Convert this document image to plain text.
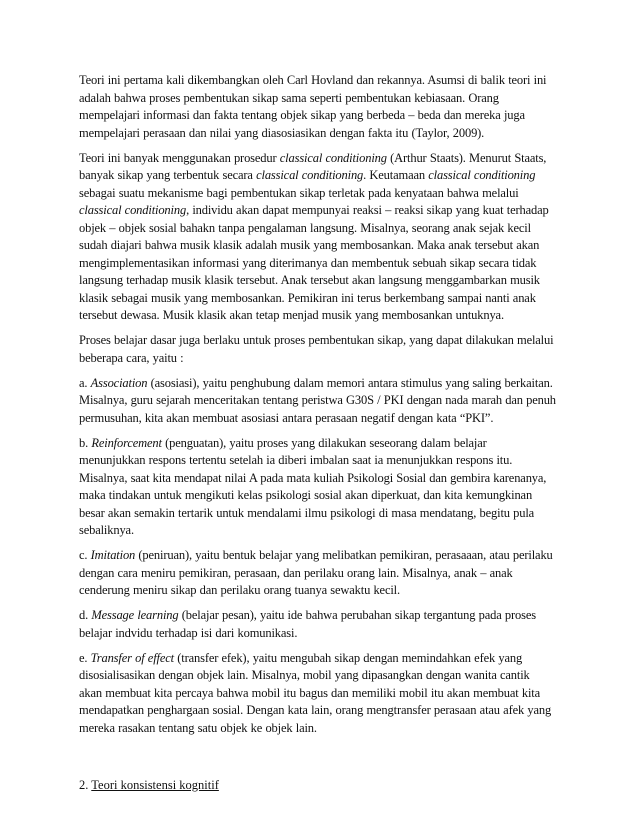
Teori ini pertama kali dikembangkan oleh Carl Hovland dan rekannya. Asumsi di balik teori ini
adalah bahwa proses pembentukan sikap sama seperti pembentukan kebiasaan. Orang
mempelajari informasi dan fakta tentang objek sikap yang berbeda – beda dan mereka juga
mempelajari perasaan dan nilai yang diasosiasikan dengan fakta itu (Taylor, 2009).

Teori ini banyak menggunakan prosedur classical conditioning (Arthur Staats). Menurut Staats,
banyak sikap yang terbentuk secara classical conditioning. Keutamaan classical conditioning
sebagai suatu mekanisme bagi pembentukan sikap terletak pada kenyataan bahwa melalui
classical conditioning, individu akan dapat mempunyai reaksi – reaksi sikap yang kuat terhadap
objek – objek sosial bahakn tanpa pengalaman langsung. Misalnya, seorang anak sejak kecil
sudah diajari bahwa musik klasik adalah musik yang membosankan. Maka anak tersebut akan
mengimplementasikan informasi yang diterimanya dan membentuk sebuah sikap secara tidak
langsung terhadap musik klasik tersebut. Anak tersebut akan langsung menggambarkan musik
klasik sebagai musik yang membosankan. Pemikiran ini terus berkembang sampai nanti anak
tersebut dewasa. Musik klasik akan tetap menjad musik yang membosankan untuknya.

Proses belajar dasar juga berlaku untuk proses pembentukan sikap, yang dapat dilakukan melalui
beberapa cara, yaitu :

a. Association (asosiasi), yaitu penghubung dalam memori antara stimulus yang saling berkaitan.
Misalnya, guru sejarah menceritakan tentang peristwa G30S / PKI dengan nada marah dan penuh
permusuhan, kita akan membuat asosiasi antara perasaan negatif dengan kata “PKI”.

b. Reinforcement (penguatan), yaitu proses yang dilakukan seseorang dalam belajar
menunjukkan respons tertentu setelah ia diberi imbalan saat ia menunjukkan respons itu.
Misalnya, saat kita mendapat nilai A pada mata kuliah Psikologi Sosial dan gembira karenanya,
maka tindakan untuk mengikuti kelas psikologi sosial akan diperkuat, dan kita kemungkinan
besar akan semakin tertarik untuk mendalami ilmu psikologi di masa mendatang, begitu pula
sebaliknya.

c. Imitation (peniruan), yaitu bentuk belajar yang melibatkan pemikiran, perasaaan, atau perilaku
dengan cara meniru pemikiran, perasaan, dan perilaku orang lain. Misalnya, anak – anak
cenderung meniru sikap dan perilaku orang tuanya sewaktu kecil.

d. Message learning (belajar pesan), yaitu ide bahwa perubahan sikap tergantung pada proses
belajar indvidu terhadap isi dari komunikasi.

e. Transfer of effect (transfer efek), yaitu mengubah sikap dengan memindahkan efek yang
disosialisasikan dengan objek lain. Misalnya, mobil yang dipasangkan dengan wanita cantik
akan membuat kita percaya bahwa mobil itu bagus dan memiliki mobil itu akan membuat kita
mendapatkan penghargaan sosial. Dengan kata lain, orang mengtransfer perasaan atau afek yang
mereka rasakan tentang satu objek ke objek lain.

2. Teori konsistensi kognitif
